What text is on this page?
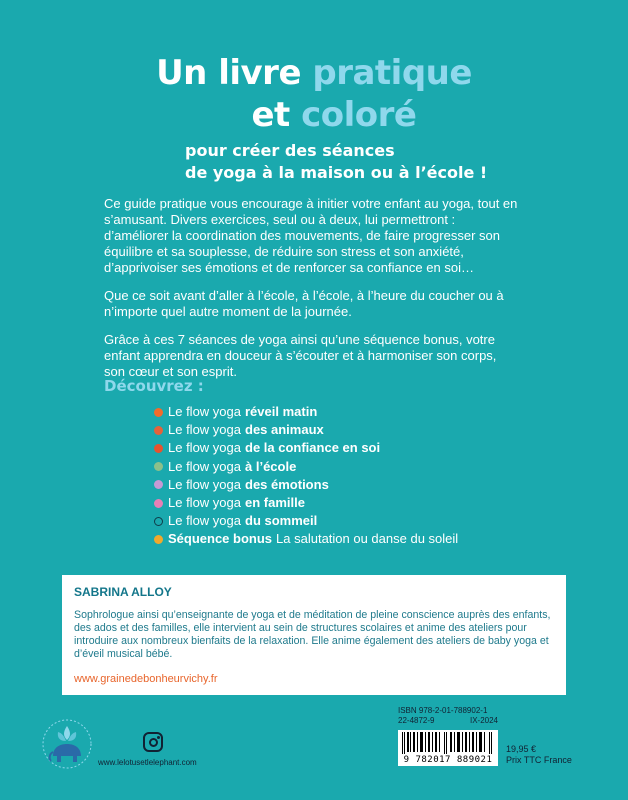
Un livre pratique
et coloré
pour créer des séances
de yoga à la maison ou à l’école !

Ce guide pratique vous encourage à initier votre enfant au yoga, tout en s’amusant. Divers exercices, seul ou à deux, lui permettront : d’améliorer la coordination des mouvements, de faire progresser son équilibre et sa souplesse, de réduire son stress et son anxiété, d’apprivoiser ses émotions et de renforcer sa confiance en soi…

Que ce soit avant d’aller à l’école, à l’école, à l’heure du coucher ou à n’importe quel autre moment de la journée.

Grâce à ces 7 séances de yoga ainsi qu’une séquence bonus, votre enfant apprendra en douceur à s’écouter et à harmoniser son corps, son cœur et son esprit.

Découvrez :
Le flow yoga réveil matin
Le flow yoga des animaux
Le flow yoga de la confiance en soi
Le flow yoga à l’école
Le flow yoga des émotions
Le flow yoga en famille
Le flow yoga du sommeil
Séquence bonus La salutation ou danse du soleil
SABRINA ALLOY

Sophrologue ainsi qu’enseignante de yoga et de méditation de pleine conscience auprès des enfants, des ados et des familles, elle intervient au sein de structures scolaires et anime des ateliers pour introduire aux nombreux bienfaits de la relaxation. Elle anime également des ateliers de baby yoga et d’éveil musical bébé.

www.grainedebonheurvichy.fr
ISBN 978-2-01-788902-1
22-4872-9	IX-2024
9 782017 889021
19,95 €
Prix TTC France
www.lelotusetlelephant.com
